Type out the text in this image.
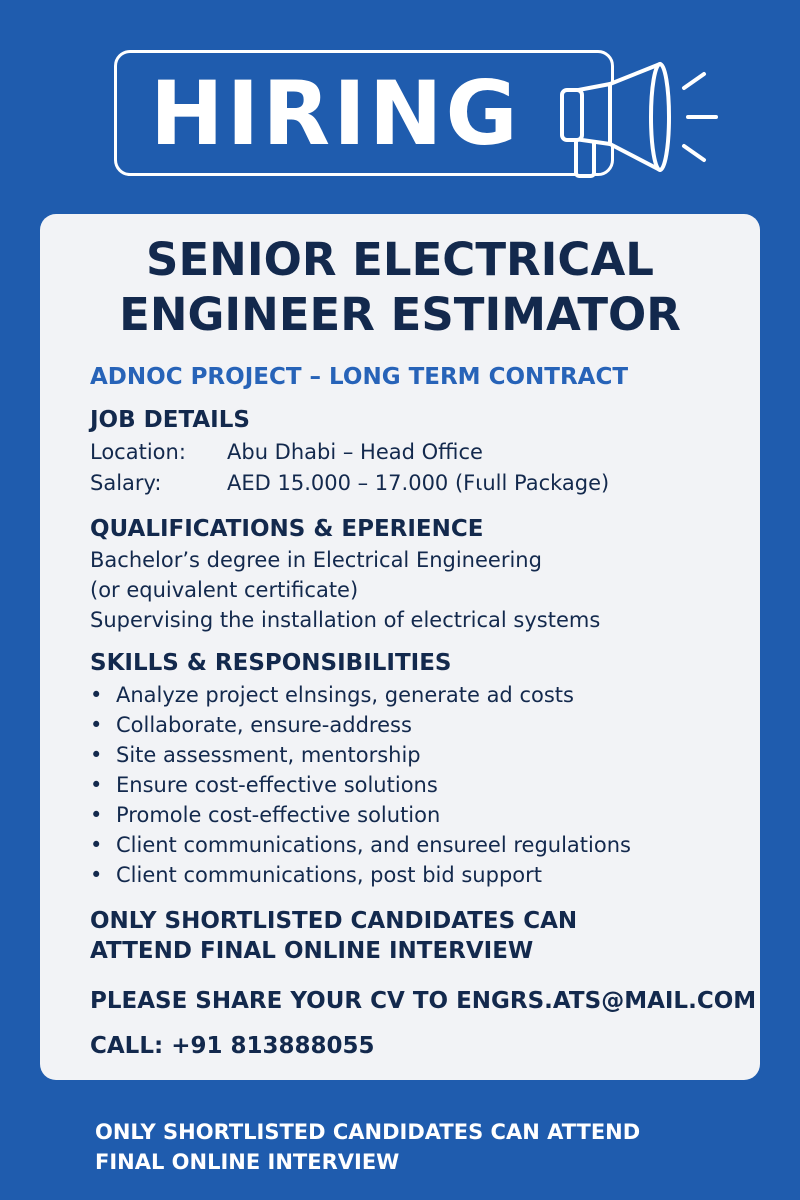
HIRING
SENIOR ELECTRICAL
ENGINEER ESTIMATOR
ADNOC PROJECT – LONG TERM CONTRACT
JOB DETAILS
Location: Abu Dhabi – Head Office
Salary:	AED 15.000 – 17.000 (Fɩull Package)
QUALIFICATIONS & EPERIENCE
Bachelor’s degree in Electrical Engineering
(or equivalent certificate)
Supervising the installation of electrical systems
SKILLS & RESPONSIBILITIES
• Analyze project elnsings, generate ad costs
• Collaborate, ensure-address
• Site assessment, mentorship
• Ensure cost-effective solutions
• Promole cost-effective solution
• Client communications, and ensureel regulations
• Client communications, post bid support
ONLY SHORTLISTED CANDIDATES CAN
ATTEND FINAL ONLINE INTERVIEW
PLEASE SHARE YOUR CV TO ENGRS.ATS@MAIL.COM
CALL: +91 813888055
ONLY SHORTLISTED CANDIDATES CAN ATTEND
FINAL ONLINE INTERVIEW
